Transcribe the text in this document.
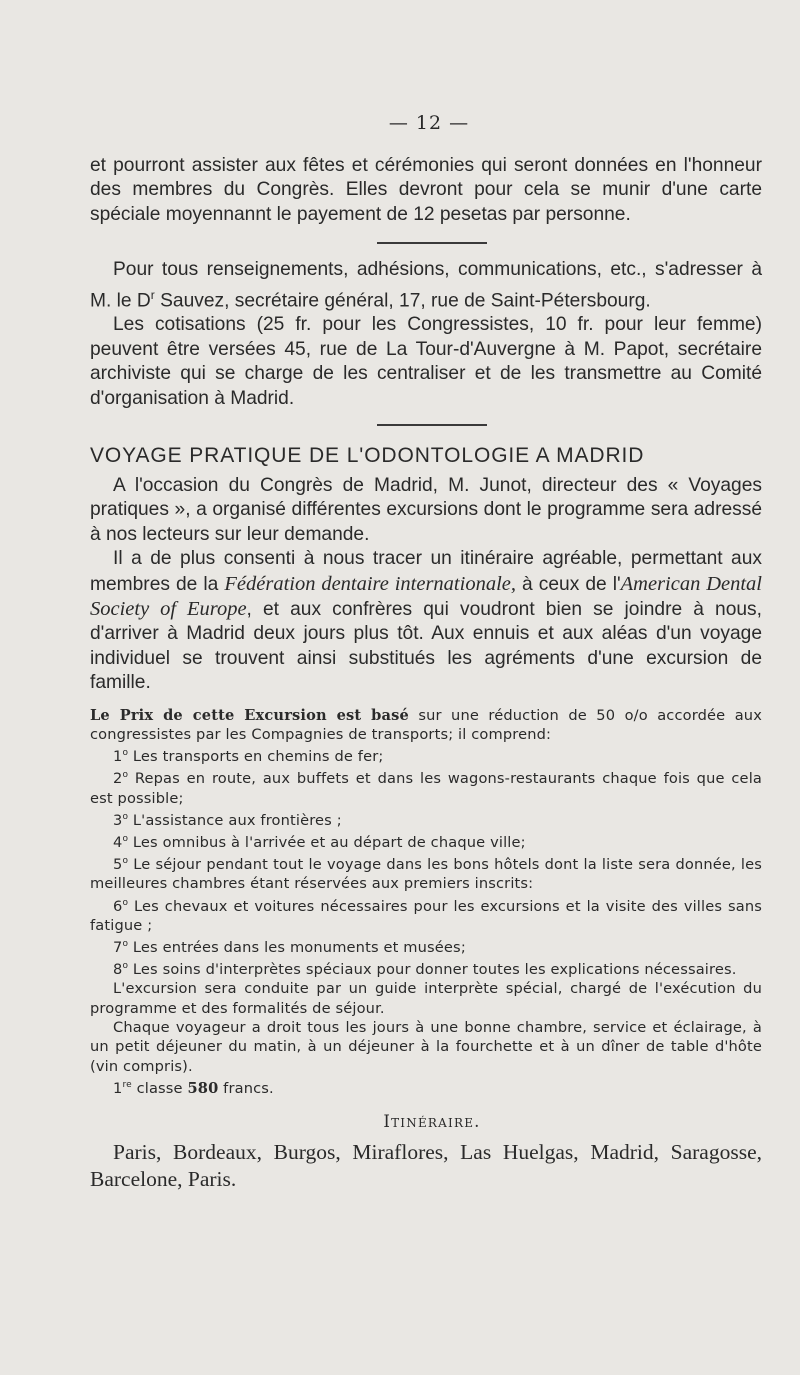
— 12 —

et pourront assister aux fêtes et cérémonies qui seront données en l'honneur des membres du Congrès. Elles devront pour cela se munir d'une carte spéciale moyennannt le payement de 12 pesetas par personne.

Pour tous renseignements, adhésions, communications, etc., s'adresser à M. le $D^r$ Sauvez, secrétaire général, 17, rue de Saint-Pétersbourg.

Les cotisations (25 fr. pour les Congressistes, 10 fr. pour leur femme) peuvent être versées 45, rue de La Tour-d'Auvergne à M. Papot, secrétaire archiviste qui se charge de les centraliser et de les transmettre au Comité d'organisation à Madrid.

VOYAGE PRATIQUE DE L'ODONTOLOGIE A MADRID

A l'occasion du Congrès de Madrid, M. Junot, directeur des « Voyages pratiques », a organisé différentes excursions dont le programme sera adressé à nos lecteurs sur leur demande.

Il a de plus consenti à nous tracer un itinéraire agréable, permettant aux membres de la Fédération dentaire internationale, à ceux de l'American Dental Society of Europe, et aux confrères qui voudront bien se joindre à nous, d'arriver à Madrid deux jours plus tôt. Aux ennuis et aux aléas d'un voyage individuel se trouvent ainsi substitués les agréments d'une excursion de famille.

Le Prix de cette Excursion est basé sur une réduction de 50 o/o accordée aux congressistes par les Compagnies de transports; il comprend:

1$^o$ Les transports en chemins de fer;

2$^o$ Repas en route, aux buffets et dans les wagons-restaurants chaque fois que cela est possible;

3$^o$ L'assistance aux frontières ;

4$^o$ Les omnibus à l'arrivée et au départ de chaque ville;

5$^o$ Le séjour pendant tout le voyage dans les bons hôtels dont la liste sera donnée, les meilleures chambres étant réservées aux premiers inscrits:

6$^o$ Les chevaux et voitures nécessaires pour les excursions et la visite des villes sans fatigue ;

7$^o$ Les entrées dans les monuments et musées;

8$^o$ Les soins d'interprètes spéciaux pour donner toutes les explications nécessaires.

L'excursion sera conduite par un guide interprète spécial, chargé de l'exécution du programme et des formalités de séjour.

Chaque voyageur a droit tous les jours à une bonne chambre, service et éclairage, à un petit déjeuner du matin, à un déjeuner à la fourchette et à un dîner de table d'hôte (vin compris).

1re classe 580 francs.

Itinéraire.

Paris, Bordeaux, Burgos, Miraflores, Las Huelgas, Madrid, Saragosse, Barcelone, Paris.
